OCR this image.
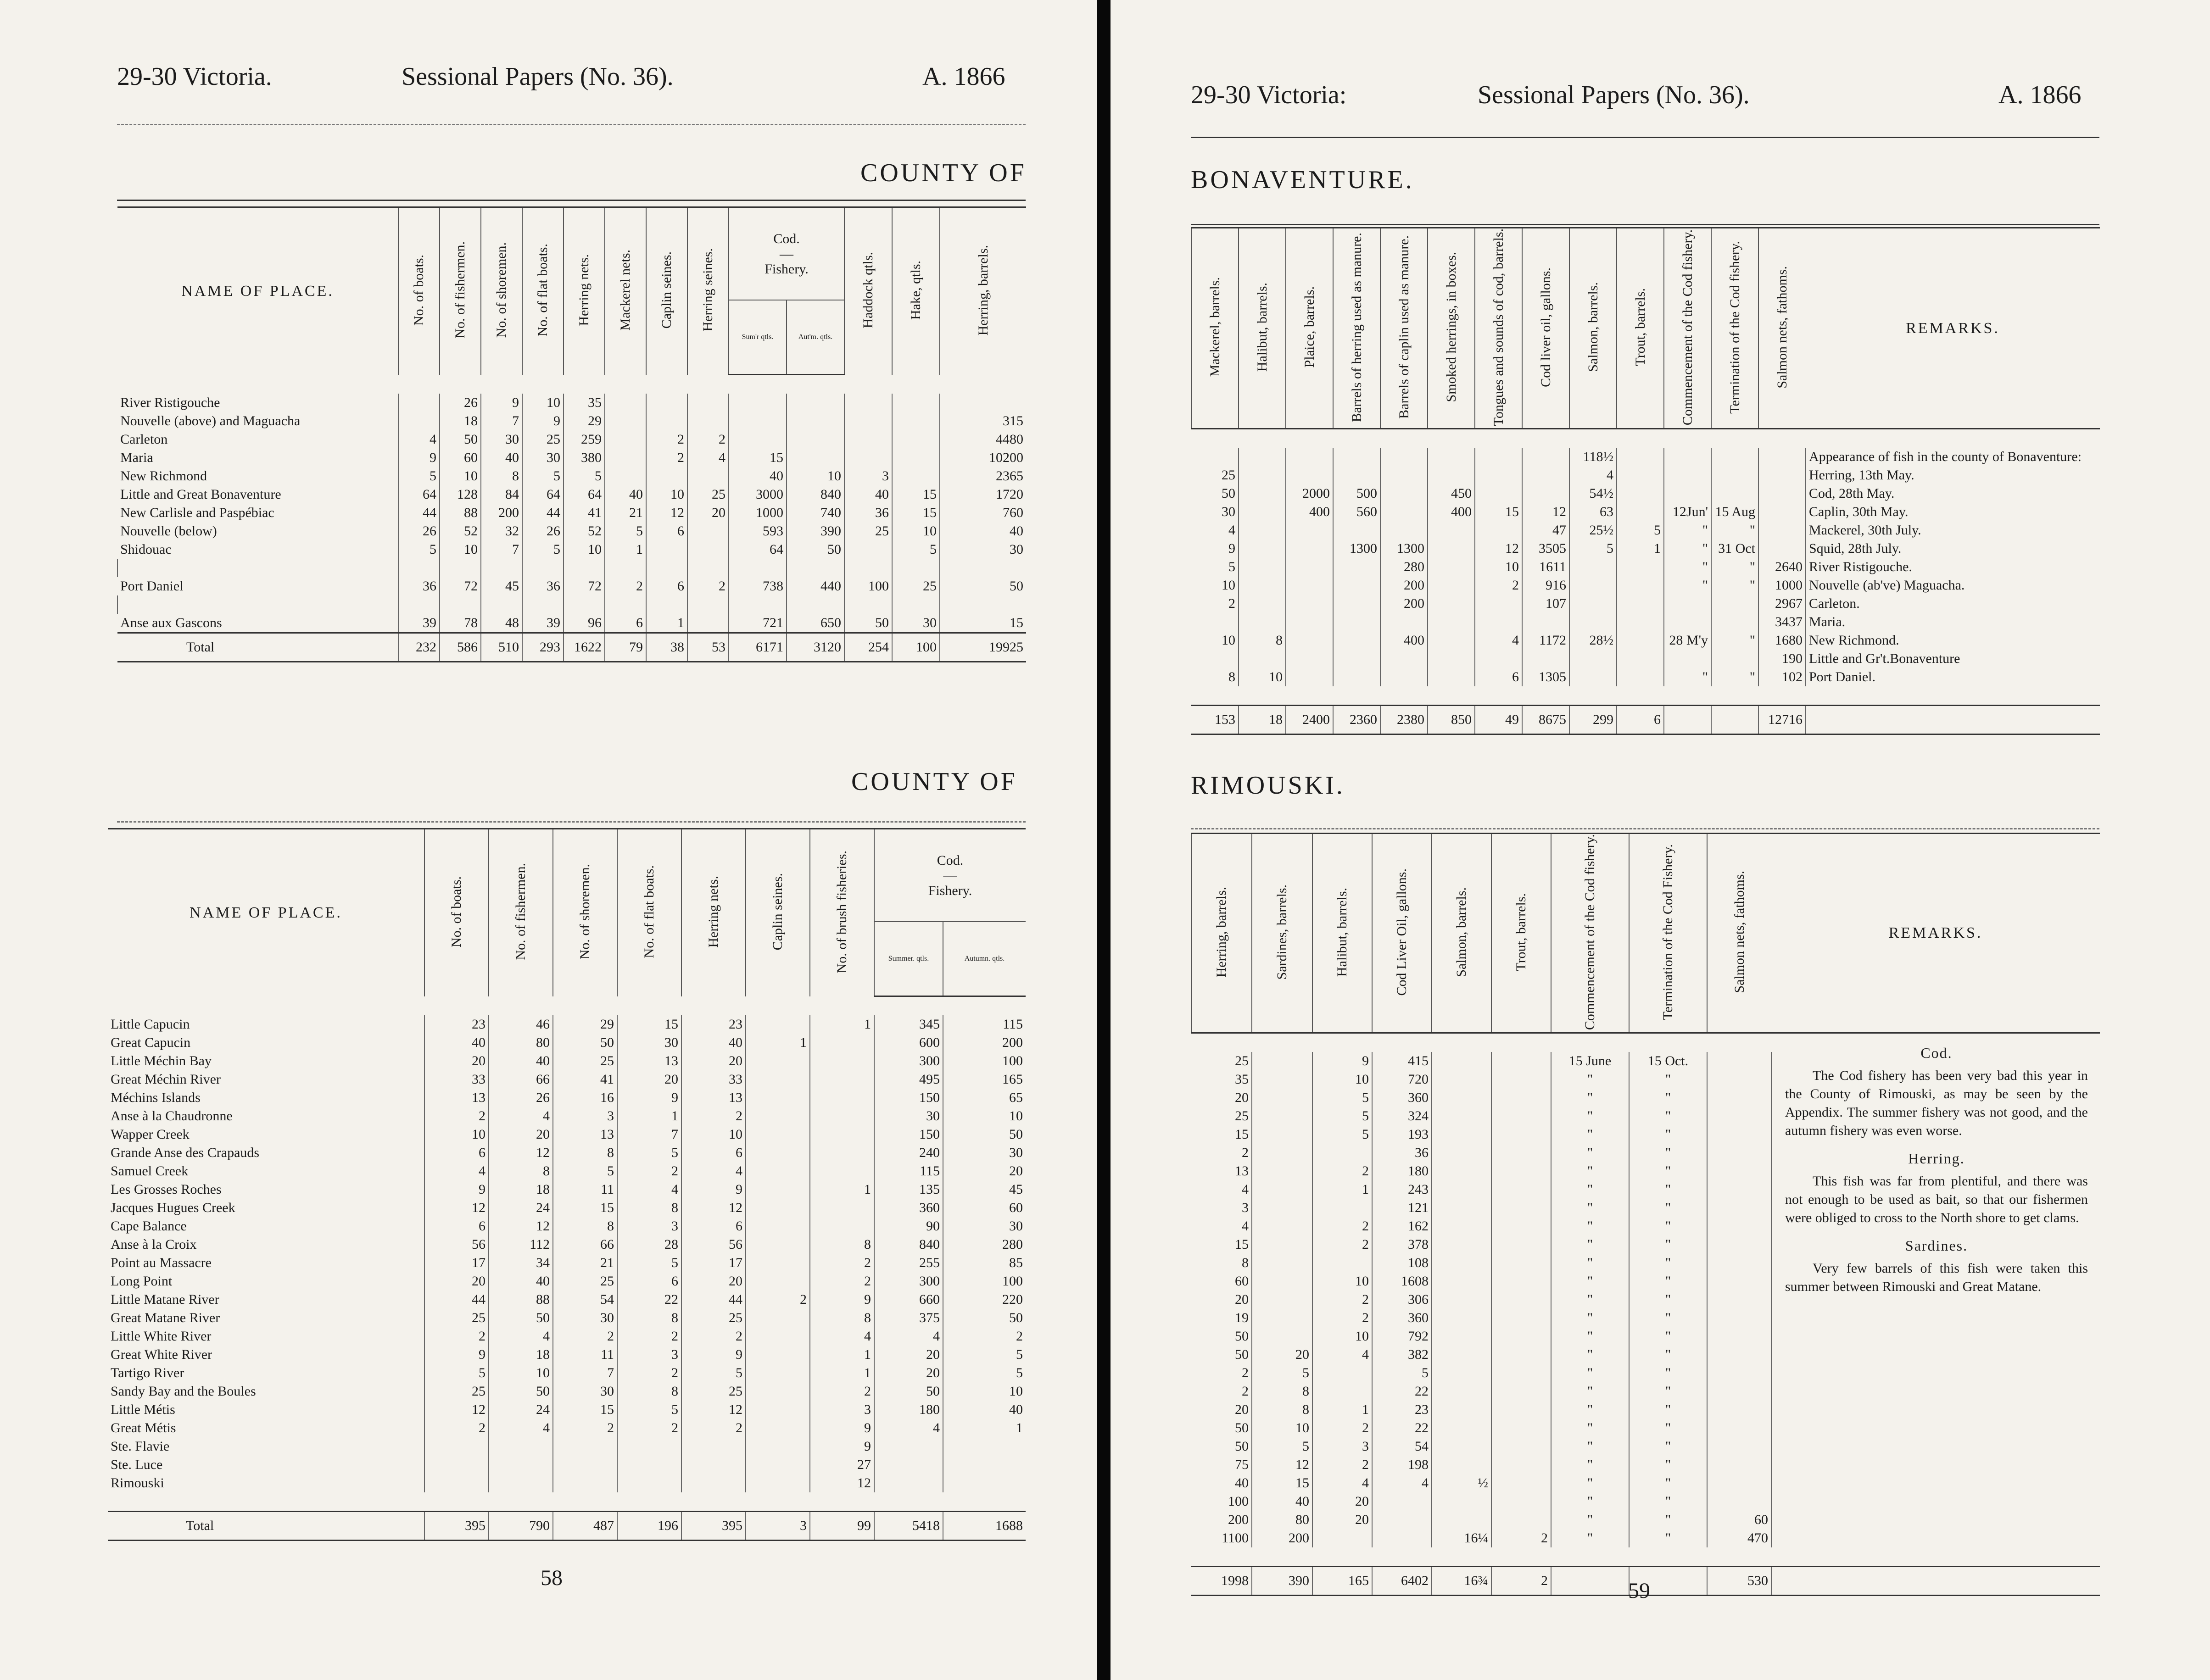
29-30 Victoria.	Sessional Papers (No. 36).	A. 1866
COUNTY OF
NAME OF PLACE.	No. of boats.	No. of fishermen.	No. of shoremen.	No. of flat boats.	Herring nets.	Mackerel nets.	Caplin seines.	Herring seines.	Cod.
—
Fishery.		Haddock qtls.	Hake, qtls.	Herring, barrels.
									Sum'r qtls.	Aut'm. qtls.			

River Ristigouche		26	9	10	35								
Nouvelle (above) and Maguacha		18	7	9	29								315

Carleton	4	50	30	25	259		2	2					4480
Maria	9	60	40	30	380		2	4	15				10200
New Richmond	5	10	8	5	5				40	10	3		2365
Little and Great Bonaventure	64	128	84	64	64	40	10	25	3000	840	40	15	1720
New Carlisle and Paspébiac	44	88	200	44	41	21	12	20	1000	740	36	15	760
Nouvelle (below)	26	52	32	26	52	5	6		593	390	25	10	40
Shidouac	5	10	7	5	10	1			64	50		5	30

Port Daniel	36	72	45	36	72	2	6	2	738	440	100	25	50

Anse aux Gascons	39	78	48	39	96	6	1		721	650	50	30	15
Total	232	586	510	293	1622	79	38	53	6171	3120	254	100	19925
COUNTY OF
NAME OF PLACE.	No. of boats.	No. of fishermen.	No. of shoremen.	No. of flat boats.	Herring nets.	Caplin seines.	No. of brush fisheries.	Cod.
—
Fishery.	

								Summer. qtls.	Autumn. qtls.

Little Capucin	23	46	29	15	23		1	345	115
Great Capucin	40	80	50	30	40	1		600	200
Little Méchin Bay	20	40	25	13	20			300	100
Great Méchin River	33	66	41	20	33			495	165
Méchins Islands	13	26	16	9	13			150	65
Anse à la Chaudronne	2	4	3	1	2			30	10
Wapper Creek	10	20	13	7	10			150	50
Grande Anse des Crapauds	6	12	8	5	6			240	30
Samuel Creek	4	8	5	2	4			115	20
Les Grosses Roches	9	18	11	4	9		1	135	45
Jacques Hugues Creek	12	24	15	8	12			360	60
Cape Balance	6	12	8	3	6			90	30
Anse à la Croix	56	112	66	28	56		8	840	280
Point au Massacre	17	34	21	5	17		2	255	85
Long Point	20	40	25	6	20		2	300	100
Little Matane River	44	88	54	22	44	2	9	660	220
Great Matane River	25	50	30	8	25		8	375	50
Little White River	2	4	2	2	2		4	4	2
Great White River	9	18	11	3	9		1	20	5
Tartigo River	5	10	7	2	5		1	20	5
Sandy Bay and the Boules	25	50	30	8	25		2	50	10
Little Métis	12	24	15	5	12		3	180	40
Great Métis	2	4	2	2	2		9	4	1
Ste. Flavie							9		
Ste. Luce							27		
Rimouski							12		

Total	395	790	487	196	395	3	99	5418	1688
58
29-30 Victoria:	Sessional Papers (No. 36).	A. 1866
BONAVENTURE.
Mackerel, barrels.	Halibut, barrels.	Plaice, barrels.	Barrels of herring used as manure.	Barrels of caplin used as manure.	Smoked herrings, in boxes.	Tongues and sounds of cod, barrels.	Cod liver oil, gallons.	Salmon, barrels.	Trout, barrels.	Commencement of the Cod fishery.	Termination of the Cod fishery.	Salmon nets, fathoms.	REMARKS.

								118½					Appearance of fish in the county of Bonaventure:
25								4					Herring, 13th May.
50		2000	500		450			54½					Cod, 28th May.
30		400	560		400	15	12	63		12Jun'	15 Aug		Caplin, 30th May.
4							47	25½	5	"	"		Mackerel, 30th July.
9			1300	1300		12	3505	5	1	"	31 Oct		Squid, 28th July.
5				280		10	1611			"	"	2640	River Ristigouche.
10				200		2	916			"	"	1000	Nouvelle (ab've) Maguacha.
2				200			107					2967	Carleton.
												3437	Maria.
10	8			400		4	1172	28½		28 M'y	"	1680	New Richmond.
												190	Little and Gr't.Bonaventure
8	10					6	1305			"	"	102	Port Daniel.

153	18	2400	2360	2380	850	49	8675	299	6			12716	
RIMOUSKI.
Herring, barrels.	Sardines, barrels.	Halibut, barrels.	Cod Liver Oil, gallons.	Salmon, barrels.	Trout, barrels.	Commencement of the Cod fishery.	Termination of the Cod Fishery.	Salmon nets, fathoms.	REMARKS.

25		9	415			15 June	15 Oct.		
35		10	720			"	"		
20		5	360			"	"		
25		5	324			"	"		
15		5	193			"	"		
2			36			"	"		
13		2	180			"	"		
4		1	243			"	"		
3			121			"	"		
4		2	162			"	"		
15		2	378			"	"		
8			108			"	"		
60		10	1608			"	"		
20		2	306			"	"		
19		2	360			"	"		
50		10	792			"	"		
50	20	4	382			"	"		
2	5		5			"	"		
2	8		22			"	"		
20	8	1	23			"	"		
50	10	2	22			"	"		
50	5	3	54			"	"		
75	12	2	198			"	"		
40	15	4	4	½		"	"		
100	40	20				"	"		
200	80	20				"	"	60	
1100	200			16¼	2	"	"	470	

1998	390	165	6402	16¾	2			530	
Cod.

The Cod fishery has been very bad this year in the County of Rimouski, as may be seen by the Appendix. The summer fishery was not good, and the autumn fishery was even worse.

Herring.

This fish was far from plentiful, and there was not enough to be used as bait, so that our fishermen were obliged to cross to the North shore to get clams.

Sardines.

Very few barrels of this fish were taken this summer between Rimouski and Great Matane.

59
